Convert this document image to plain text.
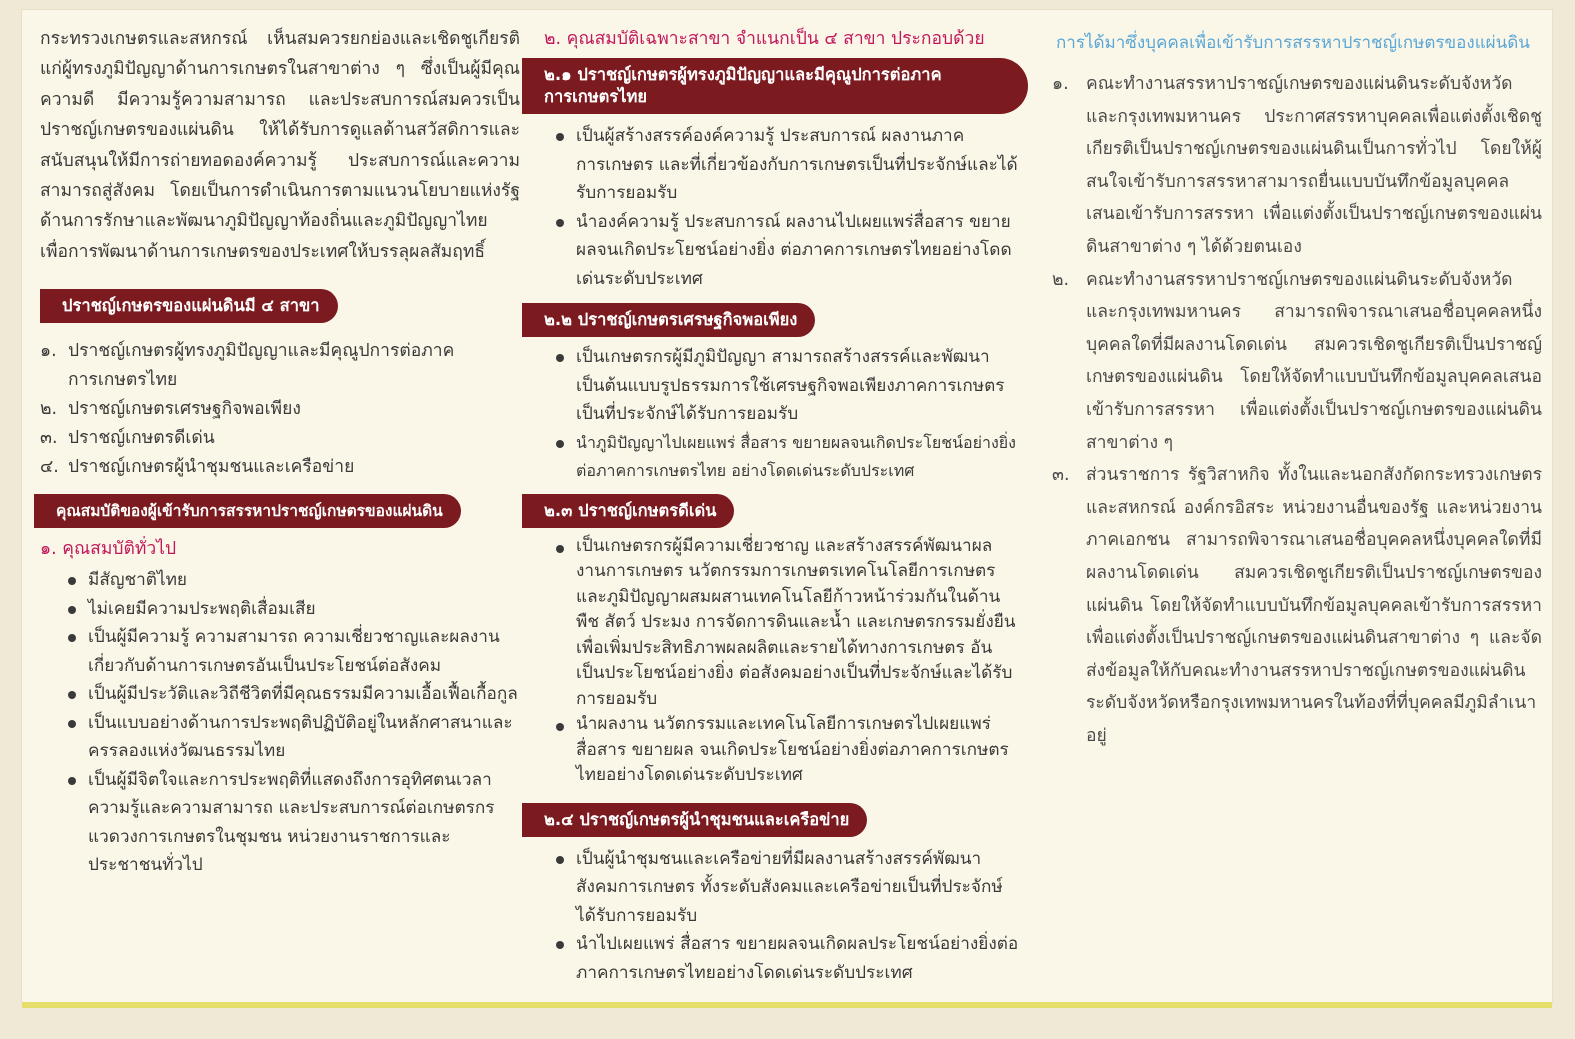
กระทรวงเกษตรและสหกรณ์ เห็นสมควรยกย่องและเชิดชูเกียรติแก่ผู้ทรงภูมิปัญญาด้านการเกษตรในสาขาต่าง ๆ ซึ่งเป็นผู้มีคุณความดี มีความรู้ความสามารถ และประสบการณ์สมควรเป็นปราชญ์เกษตรของแผ่นดิน ให้ได้รับการดูแลด้านสวัสดิการและสนับสนุนให้มีการถ่ายทอดองค์ความรู้ ประสบการณ์และความสามารถสู่สังคม โดยเป็นการดำเนินการตามแนวนโยบายแห่งรัฐด้านการรักษาและพัฒนาภูมิปัญญาท้องถิ่นและภูมิปัญญาไทย เพื่อการพัฒนาด้านการเกษตรของประเทศให้บรรลุผลสัมฤทธิ์

ปราชญ์เกษตรของแผ่นดินมี ๔ สาขา
๑. ปราชญ์เกษตรผู้ทรงภูมิปัญญาและมีคุณูปการต่อภาคการเกษตรไทย
๒. ปราชญ์เกษตรเศรษฐกิจพอเพียง
๓. ปราชญ์เกษตรดีเด่น
๔. ปราชญ์เกษตรผู้นำชุมชนและเครือข่าย
คุณสมบัติของผู้เข้ารับการสรรหาปราชญ์เกษตรของแผ่นดิน

๑. คุณสมบัติทั่วไป

มีสัญชาติไทย
ไม่เคยมีความประพฤติเสื่อมเสีย
เป็นผู้มีความรู้ ความสามารถ ความเชี่ยวชาญและผลงานเกี่ยวกับด้านการเกษตรอันเป็นประโยชน์ต่อสังคม
เป็นผู้มีประวัติและวิถีชีวิตที่มีคุณธรรมมีความเอื้อเฟื้อเกื้อกูล
เป็นแบบอย่างด้านการประพฤติปฏิบัติอยู่ในหลักศาสนาและครรลองแห่งวัฒนธรรมไทย
เป็นผู้มีจิตใจและการประพฤติที่แสดงถึงการอุทิศตนเวลา ความรู้และความสามารถ และประสบการณ์ต่อเกษตรกร แวดวงการเกษตรในชุมชน หน่วยงานราชการและประชาชนทั่วไป

๒. คุณสมบัติเฉพาะสาขา จำแนกเป็น ๔ สาขา ประกอบด้วย

๒.๑ ปราชญ์เกษตรผู้ทรงภูมิปัญญาและมีคุณูปการต่อภาคการเกษตรไทย
เป็นผู้สร้างสรรค์องค์ความรู้ ประสบการณ์ ผลงานภาคการเกษตร และที่เกี่ยวข้องกับการเกษตรเป็นที่ประจักษ์และได้รับการยอมรับ
นำองค์ความรู้ ประสบการณ์ ผลงานไปเผยแพร่สื่อสาร ขยายผลจนเกิดประโยชน์อย่างยิ่ง ต่อภาคการเกษตรไทยอย่างโดดเด่นระดับประเทศ
๒.๒ ปราชญ์เกษตรเศรษฐกิจพอเพียง
เป็นเกษตรกรผู้มีภูมิปัญญา สามารถสร้างสรรค์และพัฒนาเป็นต้นแบบรูปธรรมการใช้เศรษฐกิจพอเพียงภาคการเกษตร เป็นที่ประจักษ์ได้รับการยอมรับ
นำภูมิปัญญาไปเผยแพร่ สื่อสาร ขยายผลจนเกิดประโยชน์อย่างยิ่งต่อภาคการเกษตรไทย อย่างโดดเด่นระดับประเทศ
๒.๓ ปราชญ์เกษตรดีเด่น
เป็นเกษตรกรผู้มีความเชี่ยวชาญ และสร้างสรรค์พัฒนาผลงานการเกษตร นวัตกรรมการเกษตรเทคโนโลยีการเกษตร และภูมิปัญญาผสมผสานเทคโนโลยีก้าวหน้าร่วมกันในด้านพืช สัตว์ ประมง การจัดการดินและน้ำ และเกษตรกรรมยั่งยืน เพื่อเพิ่มประสิทธิภาพผลผลิตและรายได้ทางการเกษตร อันเป็นประโยชน์อย่างยิ่ง ต่อสังคมอย่างเป็นที่ประจักษ์และได้รับการยอมรับ
นำผลงาน นวัตกรรมและเทคโนโลยีการเกษตรไปเผยแพร่ สื่อสาร ขยายผล จนเกิดประโยชน์อย่างยิ่งต่อภาคการเกษตรไทยอย่างโดดเด่นระดับประเทศ
๒.๔ ปราชญ์เกษตรผู้นำชุมชนและเครือข่าย
เป็นผู้นำชุมชนและเครือข่ายที่มีผลงานสร้างสรรค์พัฒนาสังคมการเกษตร ทั้งระดับสังคมและเครือข่ายเป็นที่ประจักษ์ได้รับการยอมรับ
นำไปเผยแพร่ สื่อสาร ขยายผลจนเกิดผลประโยชน์อย่างยิ่งต่อภาคการเกษตรไทยอย่างโดดเด่นระดับประเทศ

การได้มาซึ่งบุคคลเพื่อเข้ารับการสรรหาปราชญ์เกษตรของแผ่นดิน

๑. คณะทำงานสรรหาปราชญ์เกษตรของแผ่นดินระดับจังหวัดและกรุงเทพมหานคร ประกาศสรรหาบุคคลเพื่อแต่งตั้งเชิดชูเกียรติเป็นปราชญ์เกษตรของแผ่นดินเป็นการทั่วไป โดยให้ผู้สนใจเข้ารับการสรรหาสามารถยื่นแบบบันทึกข้อมูลบุคคลเสนอเข้ารับการสรรหา เพื่อแต่งตั้งเป็นปราชญ์เกษตรของแผ่นดินสาขาต่าง ๆ ได้ด้วยตนเอง
๒. คณะทำงานสรรหาปราชญ์เกษตรของแผ่นดินระดับจังหวัดและกรุงเทพมหานคร สามารถพิจารณาเสนอชื่อบุคคลหนึ่งบุคคลใดที่มีผลงานโดดเด่น สมควรเชิดชูเกียรติเป็นปราชญ์เกษตรของแผ่นดิน โดยให้จัดทำแบบบันทึกข้อมูลบุคคลเสนอเข้ารับการสรรหา เพื่อแต่งตั้งเป็นปราชญ์เกษตรของแผ่นดินสาขาต่าง ๆ
๓. ส่วนราชการ รัฐวิสาหกิจ ทั้งในและนอกสังกัดกระทรวงเกษตรและสหกรณ์ องค์กรอิสระ หน่วยงานอื่นของรัฐ และหน่วยงานภาคเอกชน สามารถพิจารณาเสนอชื่อบุคคลหนึ่งบุคคลใดที่มีผลงานโดดเด่น สมควรเชิดชูเกียรติเป็นปราชญ์เกษตรของแผ่นดิน โดยให้จัดทำแบบบันทึกข้อมูลบุคคลเข้ารับการสรรหาเพื่อแต่งตั้งเป็นปราชญ์เกษตรของแผ่นดินสาขาต่าง ๆ และจัดส่งข้อมูลให้กับคณะทำงานสรรหาปราชญ์เกษตรของแผ่นดินระดับจังหวัดหรือกรุงเทพมหานครในท้องที่ที่บุคคลมีภูมิลำเนาอยู่
